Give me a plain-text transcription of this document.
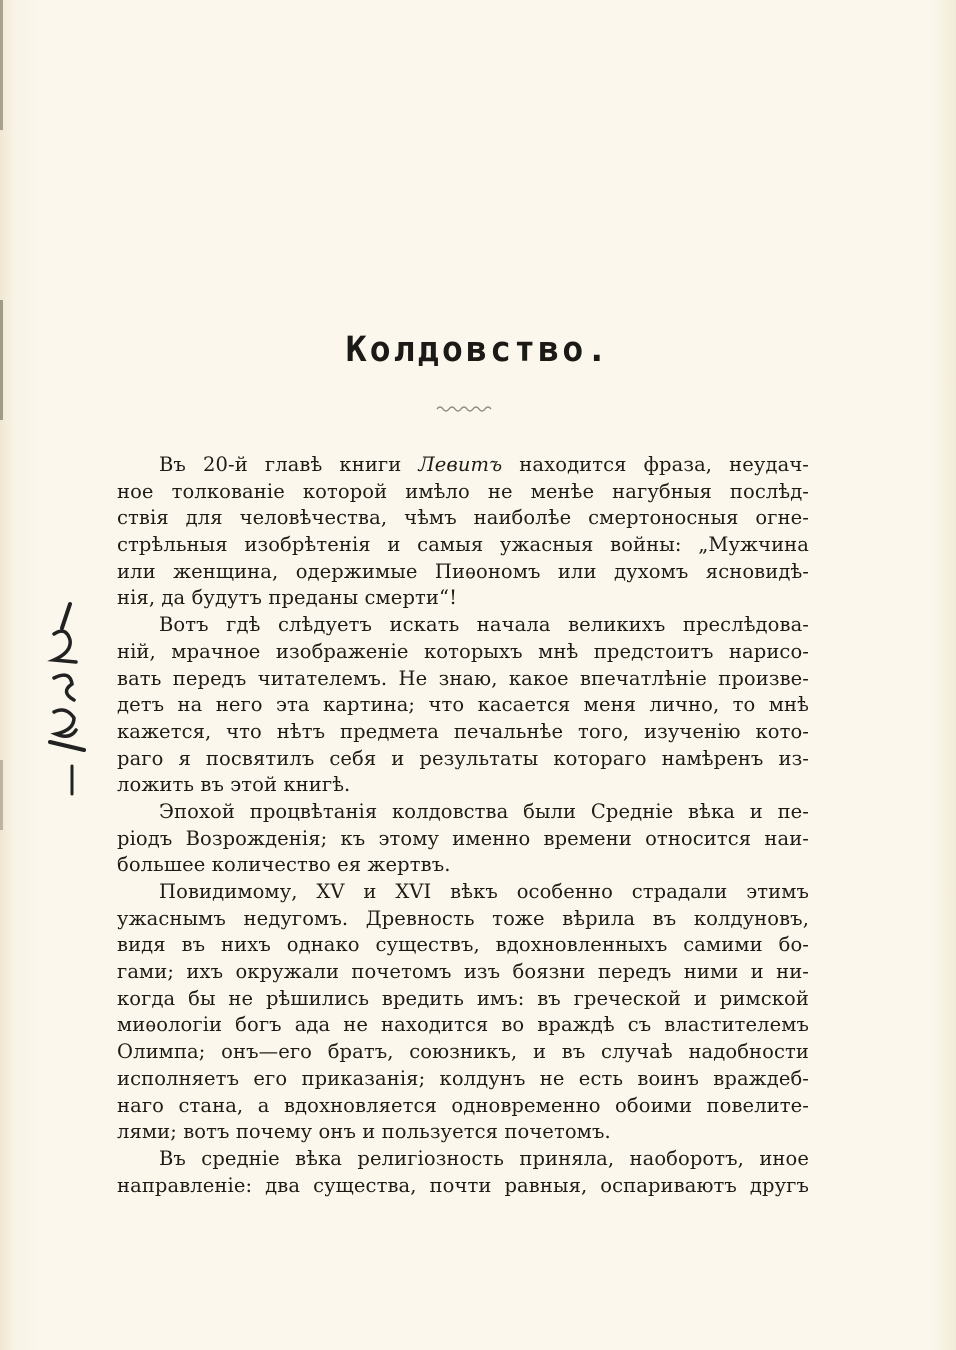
Колдовство.
Въ 20-й главѣ книги Левитъ находится фраза, неудач-
ное толкованіе которой имѣло не менѣе нагубныя послѣд-
ствія для человѣчества, чѣмъ наиболѣе смертоносныя огне-
стрѣльныя изобрѣтенія и самыя ужасныя войны: „Мужчина
или женщина, одержимые Пиѳономъ или духомъ ясновидѣ-
нія, да будутъ преданы смерти“!
Вотъ гдѣ слѣдуетъ искать начала великихъ преслѣдова-
ній, мрачное изображеніе которыхъ мнѣ предстоитъ нарисо-
вать передъ читателемъ. Не знаю, какое впечатлѣніе произве-
детъ на него эта картина; что касается меня лично, то мнѣ
кажется, что нѣтъ предмета печальнѣе того, изученію кото-
раго я посвятилъ себя и результаты котораго намѣренъ из-
ложить въ этой книгѣ.
Эпохой процвѣтанія колдовства были Средніе вѣка и пе-
ріодъ Возрожденія; къ этому именно времени относится наи-
большее количество ея жертвъ.
Повидимому, XV и XVI вѣкъ особенно страдали этимъ
ужаснымъ недугомъ. Древность тоже вѣрила въ колдуновъ,
видя въ нихъ однако существъ, вдохновленныхъ самими бо-
гами; ихъ окружали почетомъ изъ боязни передъ ними и ни-
когда бы не рѣшились вредить имъ: въ греческой и римской
миѳологіи богъ ада не находится во враждѣ съ властителемъ
Олимпа; онъ—его братъ, союзникъ, и въ случаѣ надобности
исполняетъ его приказанія; колдунъ не есть воинъ враждеб-
наго стана, а вдохновляется одновременно обоими повелите-
лями; вотъ почему онъ и пользуется почетомъ.
Въ средніе вѣка религіозность приняла, наоборотъ, иное
направленіе: два существа, почти равныя, оспариваютъ другъ
